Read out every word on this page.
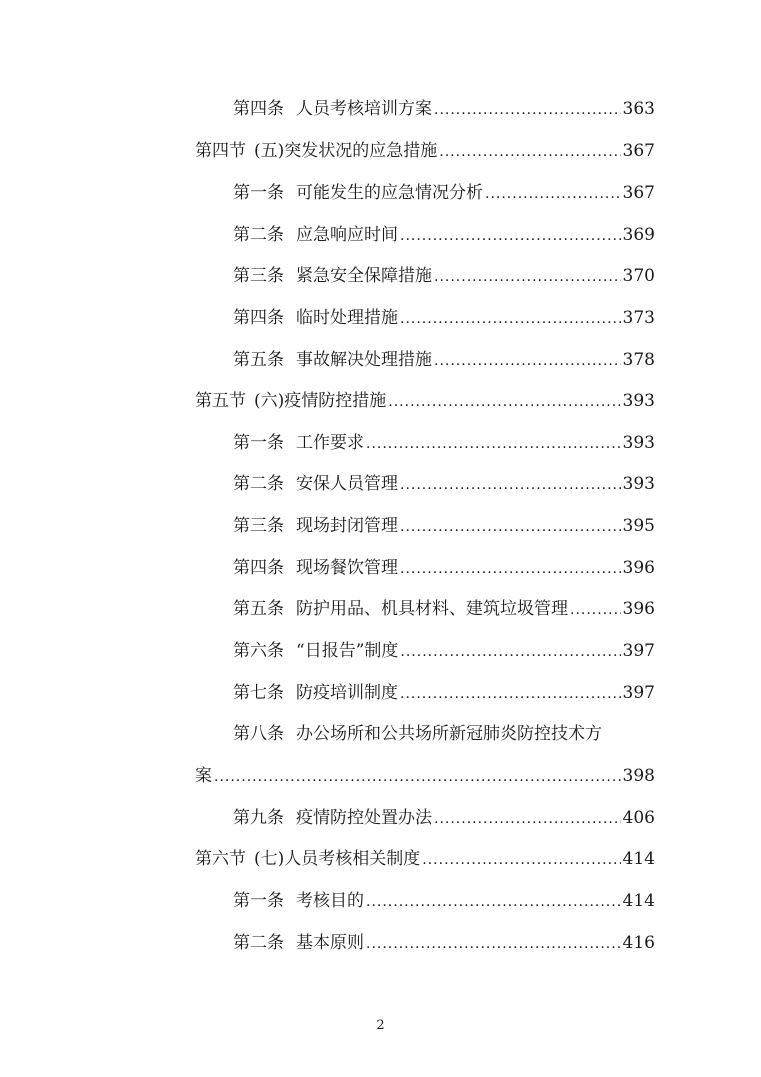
第四条 人员考核培训方案 .....	363
第四节 (五)突发状况的应急措施 .....	367
第一条 可能发生的应急情况分析 .....	367
第二条 应急响应时间 .....	369
第三条 紧急安全保障措施 .....	370
第四条 临时处理措施 .....	373
第五条 事故解决处理措施 .....	378
第五节 (六)疫情防控措施 .....	393
第一条 工作要求 .....	393
第二条 安保人员管理 .....	393
第三条 现场封闭管理 .....	395
第四条 现场餐饮管理 .....	396
第五条 防护用品、机具材料、建筑垃圾管理 .....	396
第六条 “日报告”制度 .....	397
第七条 防疫培训制度 .....	397
第八条 办公场所和公共场所新冠肺炎防控技术方
案 .....	398
第九条 疫情防控处置办法 .....	406
第六节 (七)人员考核相关制度 .....	414
第一条 考核目的 .....	414
第二条 基本原则 .....	416
2
